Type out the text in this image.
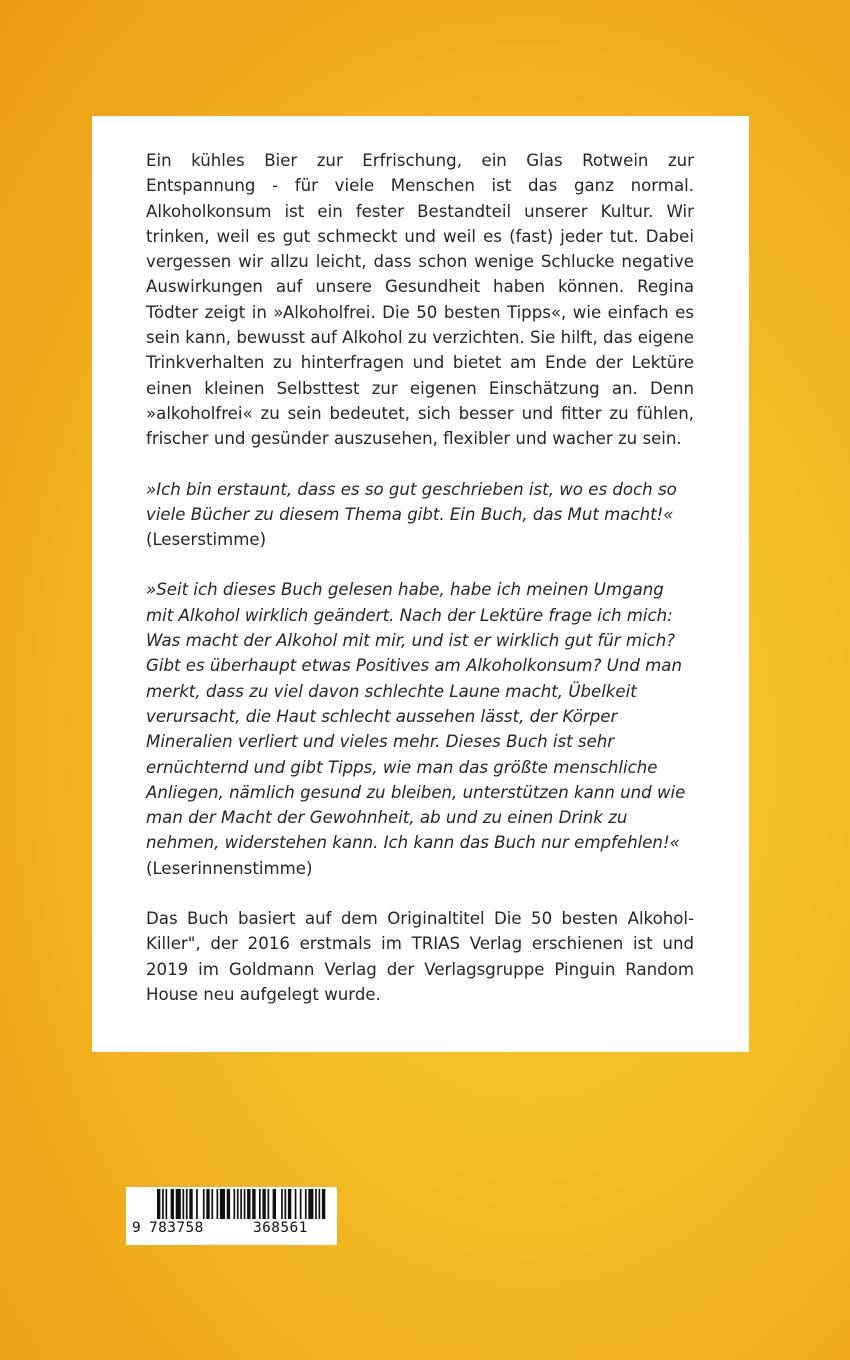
Ein kühles Bier zur Erfrischung, ein Glas Rotwein zur Entspannung - für viele Menschen ist das ganz normal. Alkoholkonsum ist ein fester Bestandteil unserer Kultur. Wir trinken, weil es gut schmeckt und weil es (fast) jeder tut. Dabei vergessen wir allzu leicht, dass schon wenige Schlucke negative Auswirkungen auf unsere Gesundheit haben können. Regina Tödter zeigt in »Alkoholfrei. Die 50 besten Tipps«, wie einfach es sein kann, bewusst auf Alkohol zu verzichten. Sie hilft, das eigene Trinkverhalten zu hinterfragen und bietet am Ende der Lektüre einen kleinen Selbsttest zur eigenen Einschätzung an. Denn »alkoholfrei« zu sein bedeutet, sich besser und fitter zu fühlen, frischer und gesünder auszusehen, flexibler und wacher zu sein.

»Ich bin erstaunt, dass es so gut geschrieben ist, wo es doch so viele Bücher zu diesem Thema gibt. Ein Buch, das Mut macht!«

(Leserstimme)

»Seit ich dieses Buch gelesen habe, habe ich meinen Umgang mit Alkohol wirklich geändert. Nach der Lektüre frage ich mich: Was macht der Alkohol mit mir, und ist er wirklich gut für mich? Gibt es überhaupt etwas Positives am Alkoholkonsum? Und man merkt, dass zu viel davon schlechte Laune macht, Übelkeit verursacht, die Haut schlecht aussehen lässt, der Körper Mineralien verliert und vieles mehr. Dieses Buch ist sehr ernüchternd und gibt Tipps, wie man das größte menschliche Anliegen, nämlich gesund zu bleiben, unterstützen kann und wie man der Macht der Gewohnheit, ab und zu einen Drink zu nehmen, widerstehen kann. Ich kann das Buch nur empfehlen!«

(Leserinnenstimme)

Das Buch basiert auf dem Originaltitel Die 50 besten Alkohol-Killer", der 2016 erstmals im TRIAS Verlag erschienen ist und 2019 im Goldmann Verlag der Verlagsgruppe Pinguin Random House neu aufgelegt wurde.

9 783758	368561
